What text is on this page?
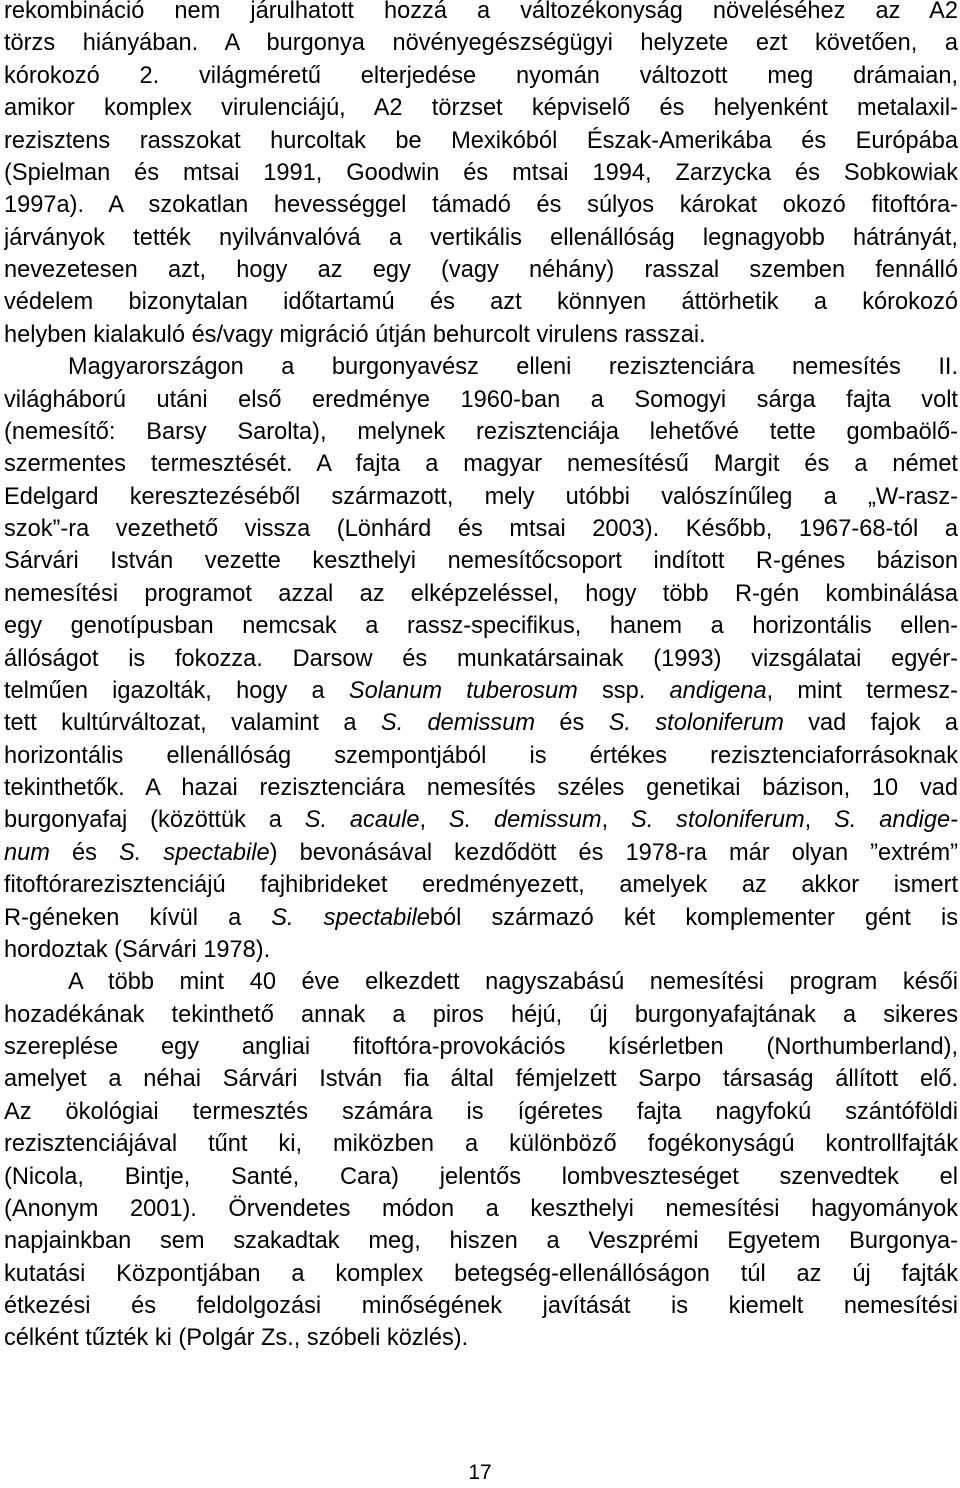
rekombináció nem járulhatott hozzá a változékonyság növeléséhez az A2
törzs hiányában. A burgonya növényegészségügyi helyzete ezt követően, a
kórokozó 2. világméretű elterjedése nyomán változott meg drámaian,
amikor komplex virulenciájú, A2 törzset képviselő és helyenként metalaxil-
rezisztens rasszokat hurcoltak be Mexikóból Észak-Amerikába és Európába
(Spielman és mtsai 1991, Goodwin és mtsai 1994, Zarzycka és Sobkowiak
1997a). A szokatlan hevességgel támadó és súlyos károkat okozó fitoftóra-
járványok tették nyilvánvalóvá a vertikális ellenállóság legnagyobb hátrányát,
nevezetesen azt, hogy az egy (vagy néhány) rasszal szemben fennálló
védelem bizonytalan időtartamú és azt könnyen áttörhetik a kórokozó
helyben kialakuló és/vagy migráció útján behurcolt virulens rasszai.
Magyarországon a burgonyavész elleni rezisztenciára nemesítés II.
világháború utáni első eredménye 1960-ban a Somogyi sárga fajta volt
(nemesítő: Barsy Sarolta), melynek rezisztenciája lehetővé tette gombaölő-
szermentes termesztését. A fajta a magyar nemesítésű Margit és a német
Edelgard keresztezéséből származott, mely utóbbi valószínűleg a „W-rasz-
szok”-ra vezethető vissza (Lönhárd és mtsai 2003). Később, 1967-68-tól a
Sárvári István vezette keszthelyi nemesítőcsoport indított R-génes bázison
nemesítési programot azzal az elképzeléssel, hogy több R-gén kombinálása
egy genotípusban nemcsak a rassz-specifikus, hanem a horizontális ellen-
állóságot is fokozza. Darsow és munkatársainak (1993) vizsgálatai egyér-
telműen igazolták, hogy a Solanum tuberosum ssp. andigena, mint termesz-
tett kultúrváltozat, valamint a S. demissum és S. stoloniferum vad fajok a
horizontális ellenállóság szempontjából is értékes rezisztenciaforrásoknak
tekinthetők. A hazai rezisztenciára nemesítés széles genetikai bázison, 10 vad
burgonyafaj (közöttük a S. acaule, S. demissum, S. stoloniferum, S. andige-
num és S. spectabile) bevonásával kezdődött és 1978-ra már olyan ”extrém”
fitoftórarezisztenciájú fajhibrideket eredményezett, amelyek az akkor ismert
R-géneken kívül a S. spectabileból származó két komplementer gént is
hordoztak (Sárvári 1978).
A több mint 40 éve elkezdett nagyszabású nemesítési program késői
hozadékának tekinthető annak a piros héjú, új burgonyafajtának a sikeres
szereplése egy angliai fitoftóra-provokációs kísérletben (Northumberland),
amelyet a néhai Sárvári István fia által fémjelzett Sarpo társaság állított elő.
Az ökológiai termesztés számára is ígéretes fajta nagyfokú szántóföldi
rezisztenciájával tűnt ki, miközben a különböző fogékonyságú kontrollfajták
(Nicola, Bintje, Santé, Cara) jelentős lombveszteséget szenvedtek el
(Anonym 2001). Örvendetes módon a keszthelyi nemesítési hagyományok
napjainkban sem szakadtak meg, hiszen a Veszprémi Egyetem Burgonya-
kutatási Központjában a komplex betegség-ellenállóságon túl az új fajták
étkezési és feldolgozási minőségének javítását is kiemelt nemesítési
célként tűzték ki (Polgár Zs., szóbeli közlés).
17
